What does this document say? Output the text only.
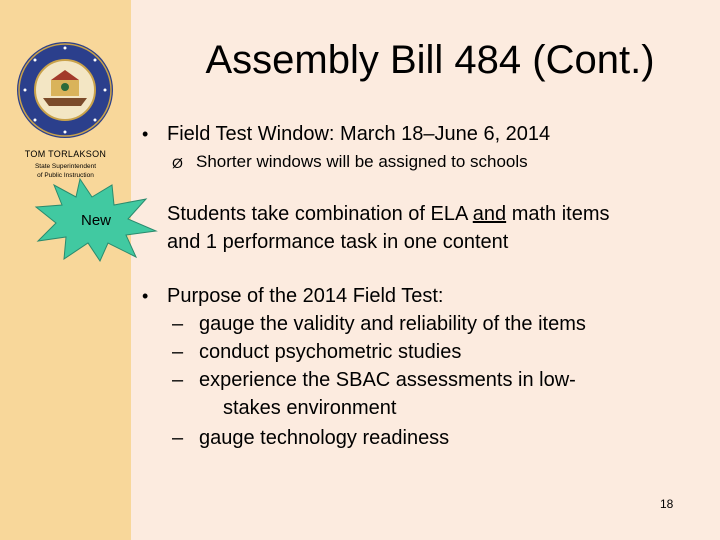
TOM TORLAKSON
State Superintendent
of Public Instruction
New
Assembly Bill 484 (Cont.)
• Field Test Window: March 18–June 6, 2014
Ø Shorter windows will be assigned to schools
Students take combination of ELA and math items
and 1 performance task in one content
• Purpose of the 2014 Field Test:
– gauge the validity and reliability of the items
– conduct psychometric studies
– experience the SBAC assessments in low-
stakes environment
– gauge technology readiness
18
